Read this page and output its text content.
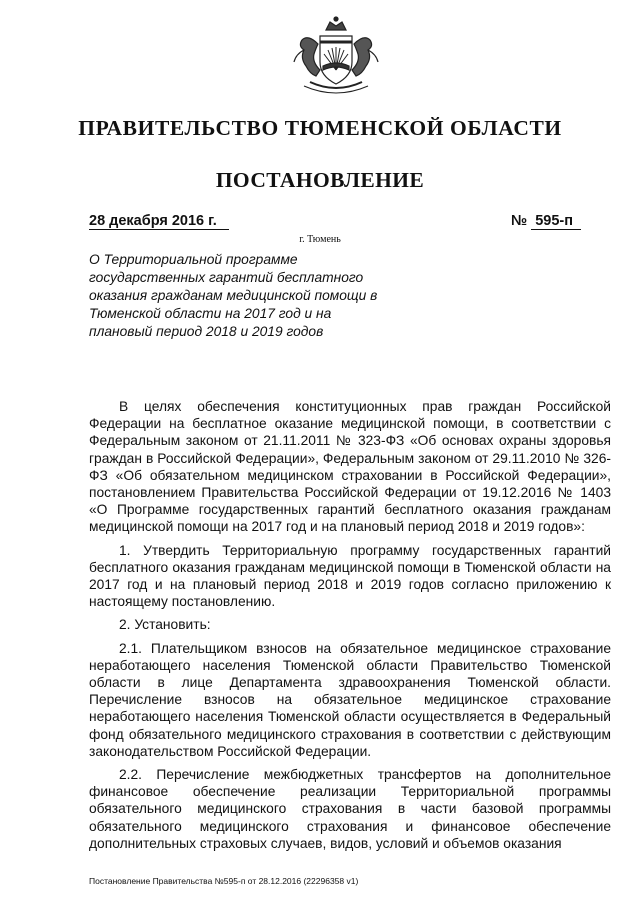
ПРАВИТЕЛЬСТВО ТЮМЕНСКОЙ ОБЛАСТИ
ПОСТАНОВЛЕНИЕ
28 декабря 2016 г.	№ 595-п
г. Тюмень
О Территориальной программе государственных гарантий бесплатного оказания гражданам медицинской помощи в Тюменской области на 2017 год и на плановый период 2018 и 2019 годов

В целях обеспечения конституционных прав граждан Российской Федерации на бесплатное оказание медицинской помощи, в соответствии с Федеральным законом от 21.11.2011 № 323-ФЗ «Об основах охраны здоровья граждан в Российской Федерации», Федеральным законом от 29.11.2010 № 326-ФЗ «Об обязательном медицинском страховании в Российской Федерации», постановлением Правительства Российской Федерации от 19.12.2016 № 1403 «О Программе государственных гарантий бесплатного оказания гражданам медицинской помощи на 2017 год и на плановый период 2018 и 2019 годов»:

1. Утвердить Территориальную программу государственных гарантий бесплатного оказания гражданам медицинской помощи в Тюменской области на 2017 год и на плановый период 2018 и 2019 годов согласно приложению к настоящему постановлению.

2. Установить:

2.1. Плательщиком взносов на обязательное медицинское страхование неработающего населения Тюменской области Правительство Тюменской области в лице Департамента здравоохранения Тюменской области. Перечисление взносов на обязательное медицинское страхование неработающего населения Тюменской области осуществляется в Федеральный фонд обязательного медицинского страхования в соответствии с действующим законодательством Российской Федерации.

2.2. Перечисление межбюджетных трансфертов на дополнительное финансовое обеспечение реализации Территориальной программы обязательного медицинского страхования в части базовой программы обязательного медицинского страхования и финансовое обеспечение дополнительных страховых случаев, видов, условий и объемов оказания

Постановление Правительства №595-п от 28.12.2016 (22296358 v1)
